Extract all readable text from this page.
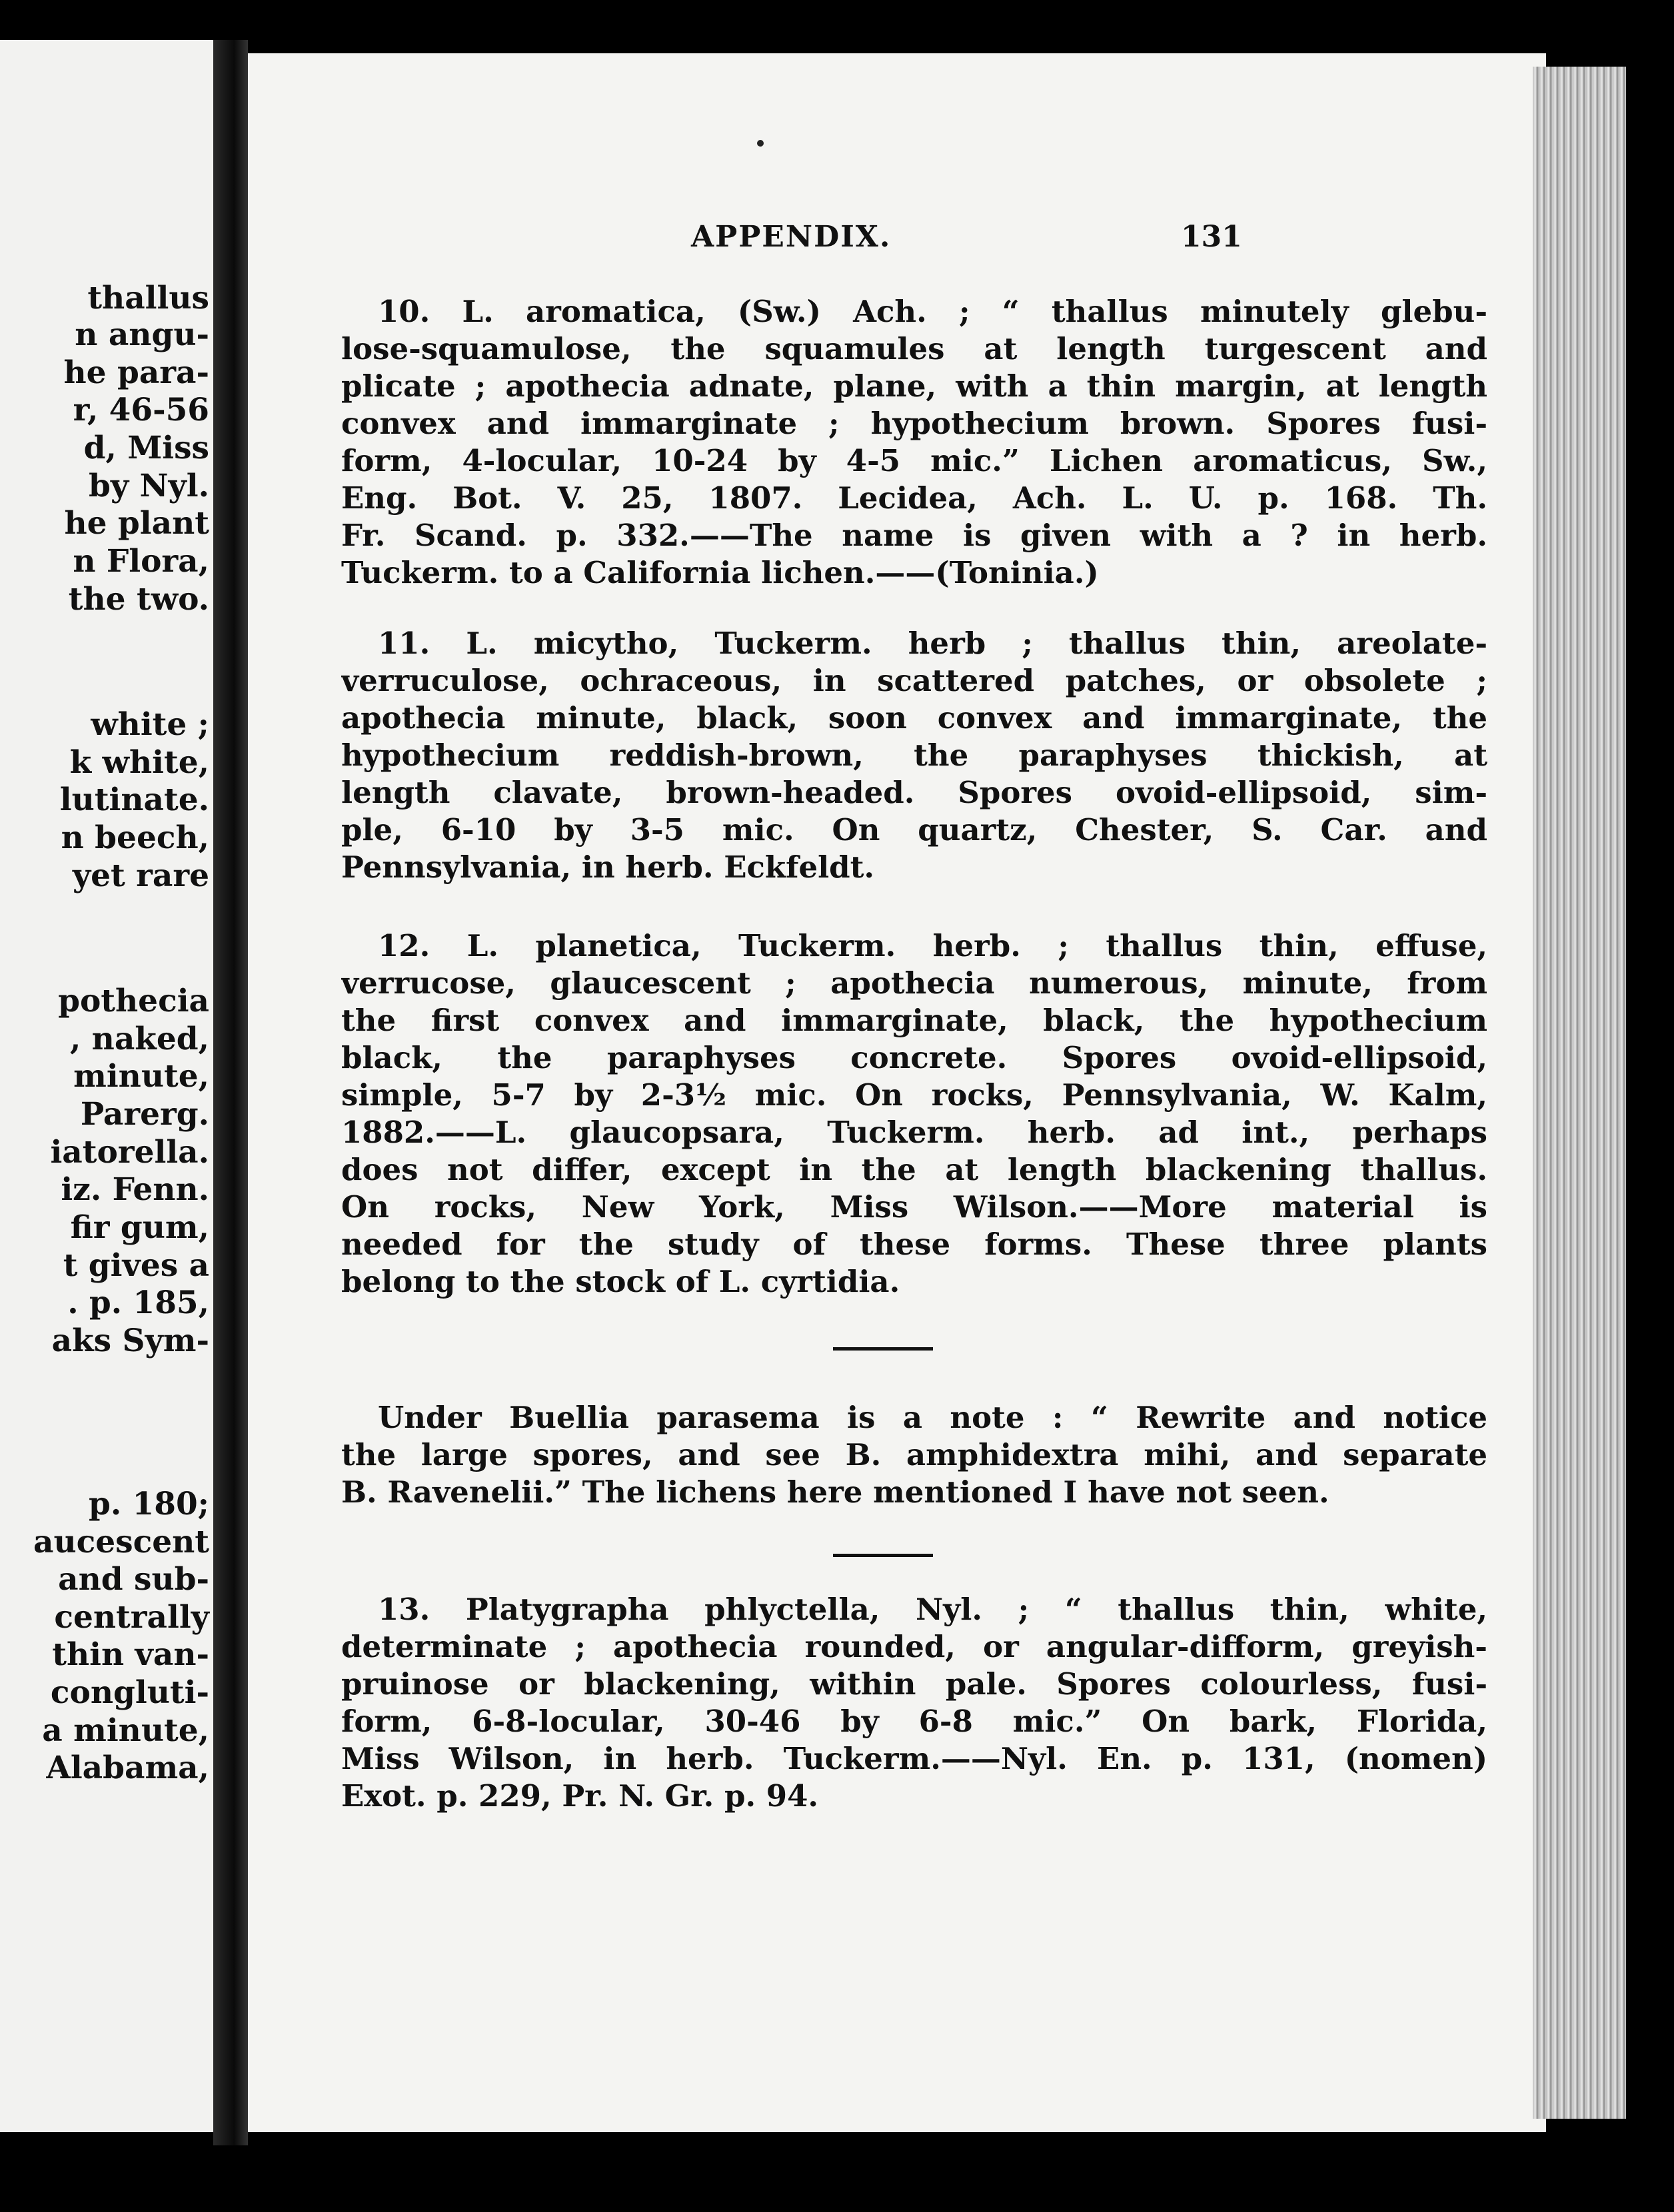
thallus
n angu-
he para-
r, 46-56
d, Miss
by Nyl.
he plant
n Flora,
the two.
white ;
k white,
lutinate.
n beech,
yet rare
pothecia
, naked,
minute,
Parerg.
iatorella.
iz. Fenn.
fir gum,
t gives a
. p. 185,
aks Sym-
p. 180;
aucescent
and sub-
centrally
thin van-
congluti-
a minute,
Alabama,
APPENDIX.	131
10. L. aromatica, (Sw.) Ach. ; “ thallus minutely glebu-
lose-squamulose, the squamules at length turgescent and
plicate ; apothecia adnate, plane, with a thin margin, at length
convex and immarginate ; hypothecium brown. Spores fusi-
form, 4-locular, 10-24 by 4-5 mic.” Lichen aromaticus, Sw.,
Eng. Bot. V. 25, 1807. Lecidea, Ach. L. U. p. 168. Th.
Fr. Scand. p. 332.——The name is given with a ? in herb.
Tuckerm. to a California lichen.——(Toninia.)
11. L. micytho, Tuckerm. herb ; thallus thin, areolate-
verruculose, ochraceous, in scattered patches, or obsolete ;
apothecia minute, black, soon convex and immarginate, the
hypothecium reddish-brown, the paraphyses thickish, at
length clavate, brown-headed. Spores ovoid-ellipsoid, sim-
ple, 6-10 by 3-5 mic. On quartz, Chester, S. Car. and
Pennsylvania, in herb. Eckfeldt.
12. L. planetica, Tuckerm. herb. ; thallus thin, effuse,
verrucose, glaucescent ; apothecia numerous, minute, from
the first convex and immarginate, black, the hypothecium
black, the paraphyses concrete. Spores ovoid-ellipsoid,
simple, 5-7 by 2-3½ mic. On rocks, Pennsylvania, W. Kalm,
1882.——L. glaucopsara, Tuckerm. herb. ad int., perhaps
does not differ, except in the at length blackening thallus.
On rocks, New York, Miss Wilson.——More material is
needed for the study of these forms. These three plants
belong to the stock of L. cyrtidia.
Under Buellia parasema is a note : “ Rewrite and notice
the large spores, and see B. amphidextra mihi, and separate
B. Ravenelii.” The lichens here mentioned I have not seen.
13. Platygrapha phlyctella, Nyl. ; “ thallus thin, white,
determinate ; apothecia rounded, or angular-difform, greyish-
pruinose or blackening, within pale. Spores colourless, fusi-
form, 6-8-locular, 30-46 by 6-8 mic.” On bark, Florida,
Miss Wilson, in herb. Tuckerm.——Nyl. En. p. 131, (nomen)
Exot. p. 229, Pr. N. Gr. p. 94.
